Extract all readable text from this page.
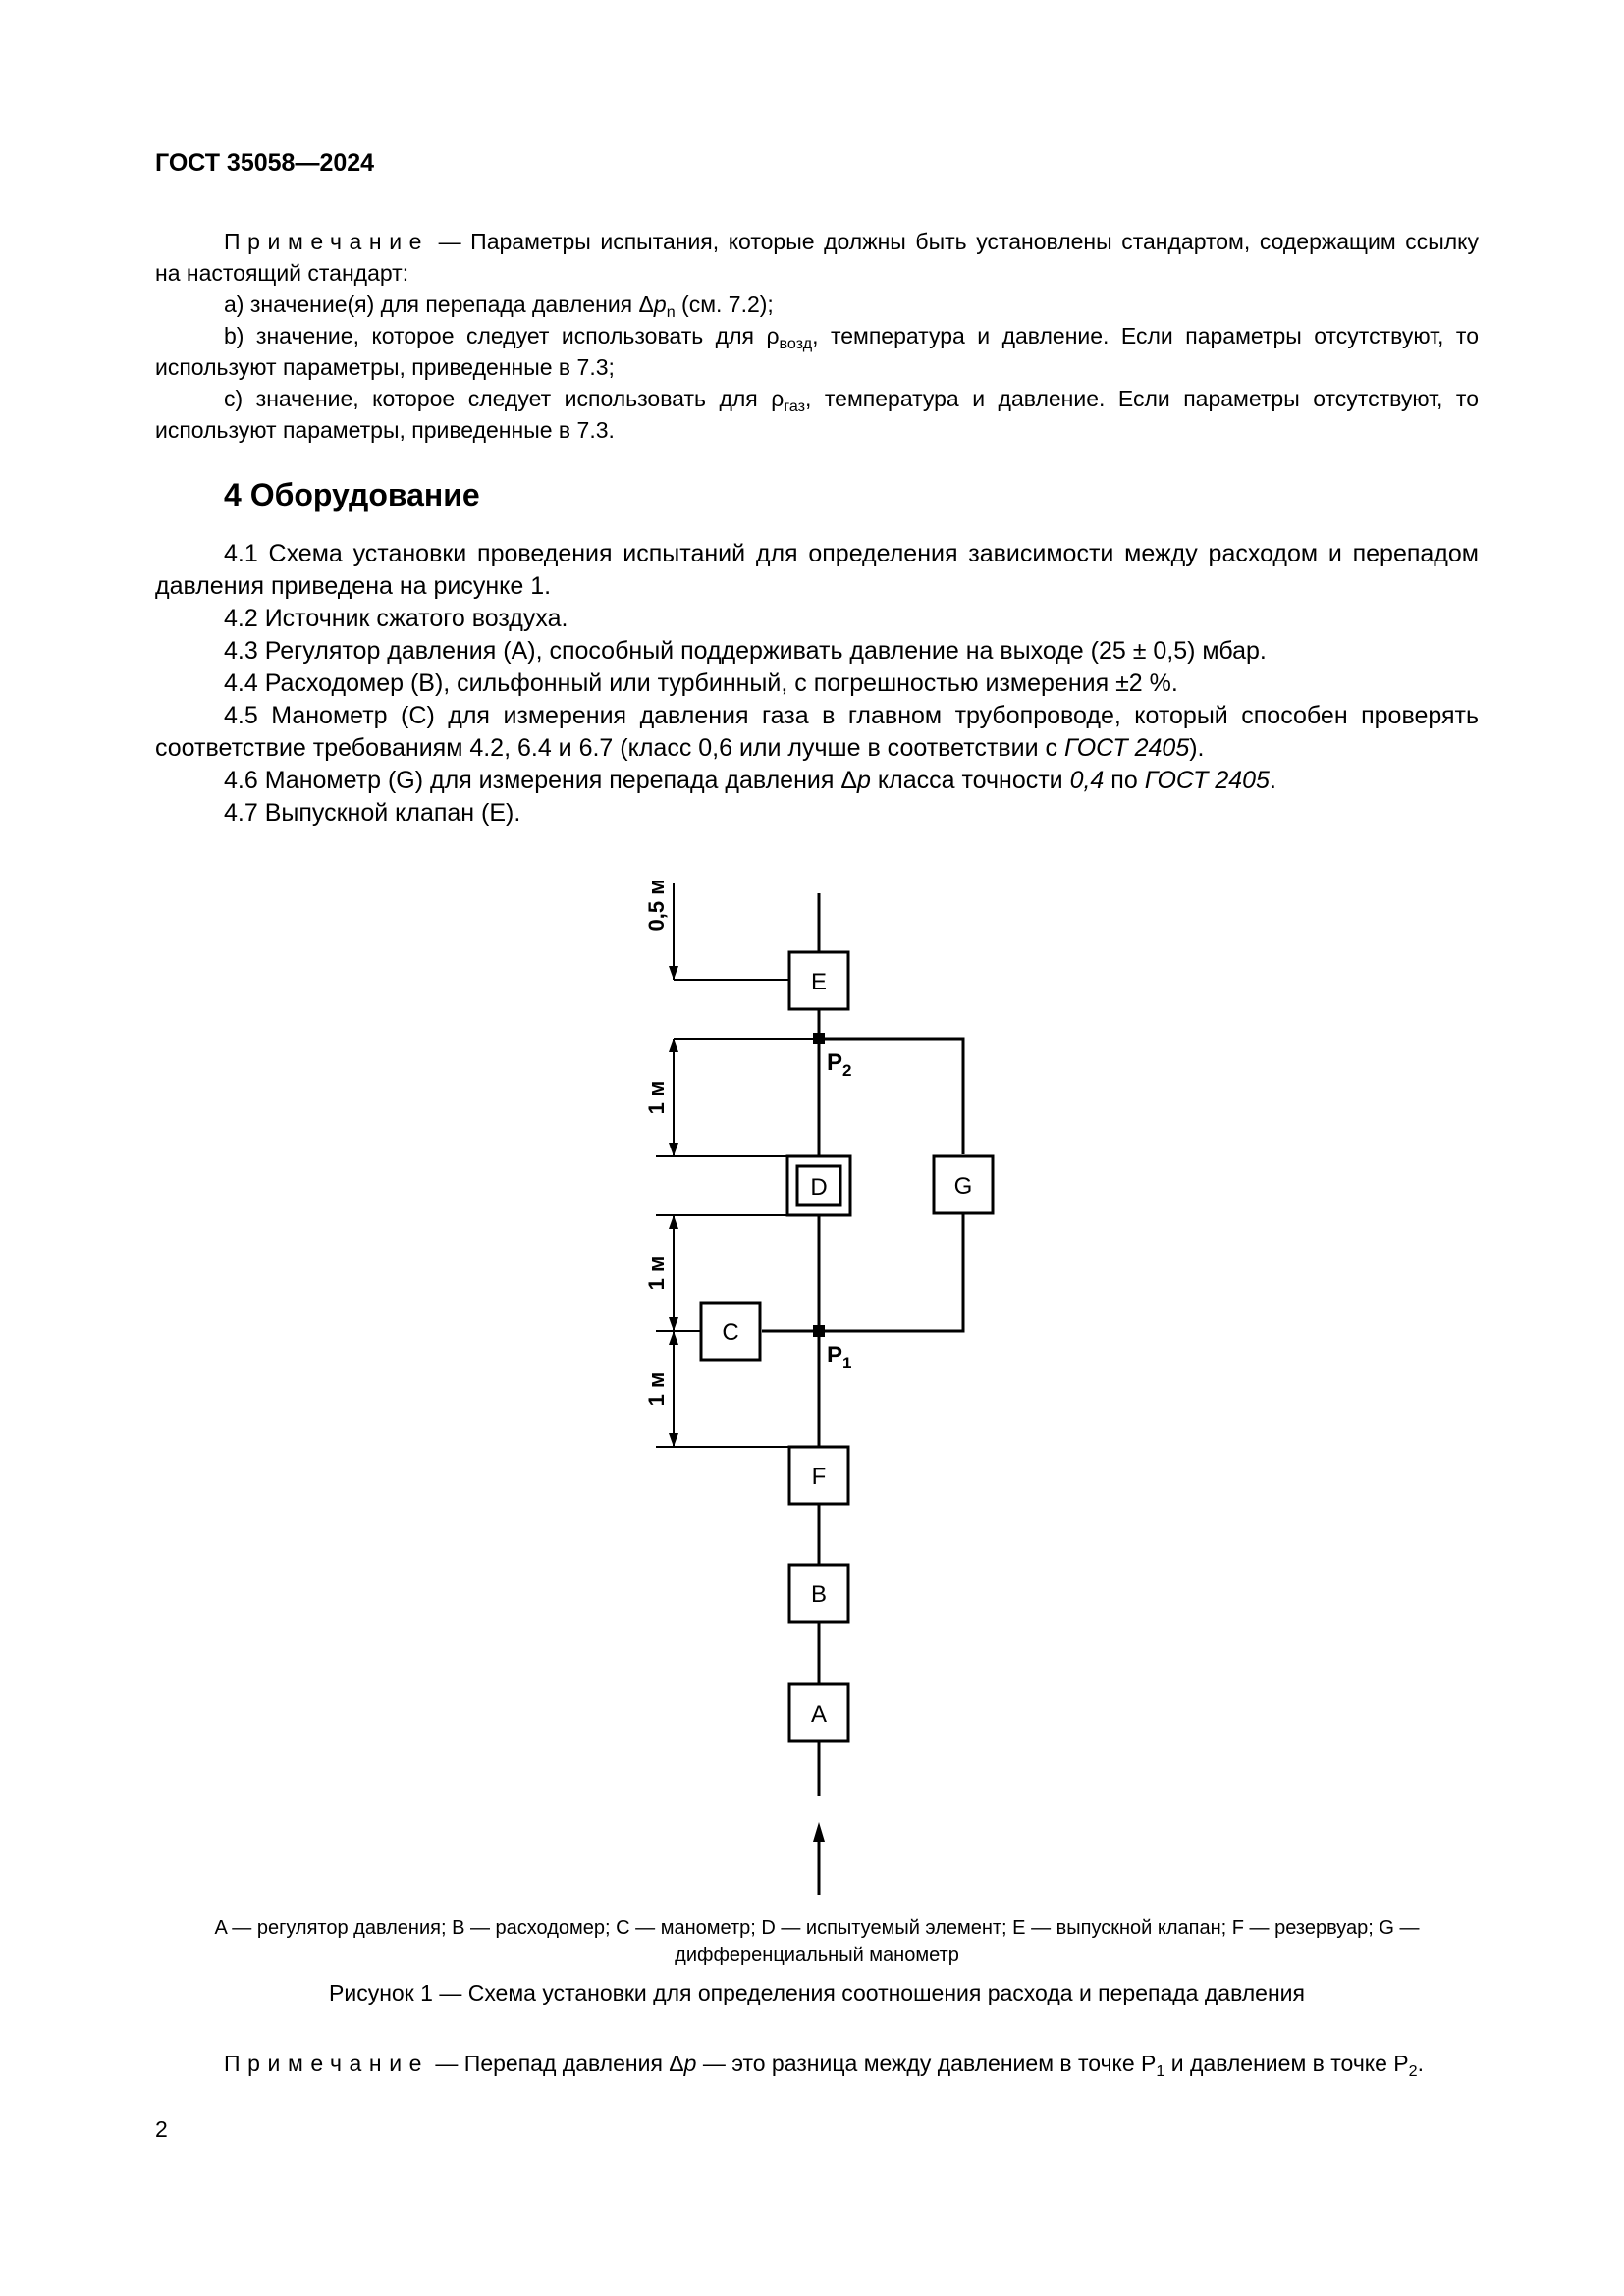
ГОСТ 35058—2024
Примечание — Параметры испытания, которые должны быть установлены стандартом, содержащим ссылку на настоящий стандарт:
a) значение(я) для перепада давления $\Delta p_n$ (см. 7.2);
b) значение, которое следует использовать для $\rho_{возд}$, температура и давление. Если параметры отсутствуют, то используют параметры, приведенные в 7.3;
c) значение, которое следует использовать для $\rho_{газ}$, температура и давление. Если параметры отсутствуют, то используют параметры, приведенные в 7.3.
4 Оборудование
4.1 Схема установки проведения испытаний для определения зависимости между расходом и перепадом давления приведена на рисунке 1.
4.2 Источник сжатого воздуха.
4.3 Регулятор давления (A), способный поддерживать давление на выходе (25 ± 0,5) мбар.
4.4 Расходомер (B), сильфонный или турбинный, с погрешностью измерения ±2 %.
4.5 Манометр (C) для измерения давления газа в главном трубопроводе, который способен проверять соответствие требованиям 4.2, 6.4 и 6.7 (класс 0,6 или лучше в соответствии с ГОСТ 2405).
4.6 Манометр (G) для измерения перепада давления Δp класса точности 0,4 по ГОСТ 2405.
4.7 Выпускной клапан (E).
E
D	G
C
F
B
A
$P_2$
$P_1$
0,5 м
1 м
1 м
1 м
A — регулятор давления; B — расходомер; C — манометр; D — испытуемый элемент; E — выпускной клапан; F — резервуар; G — дифференциальный манометр
Рисунок 1 — Схема установки для определения соотношения расхода и перепада давления
Примечание — Перепад давления Δp — это разница между давлением в точке $P_1$ и давлением в точке $P_2$.
2
